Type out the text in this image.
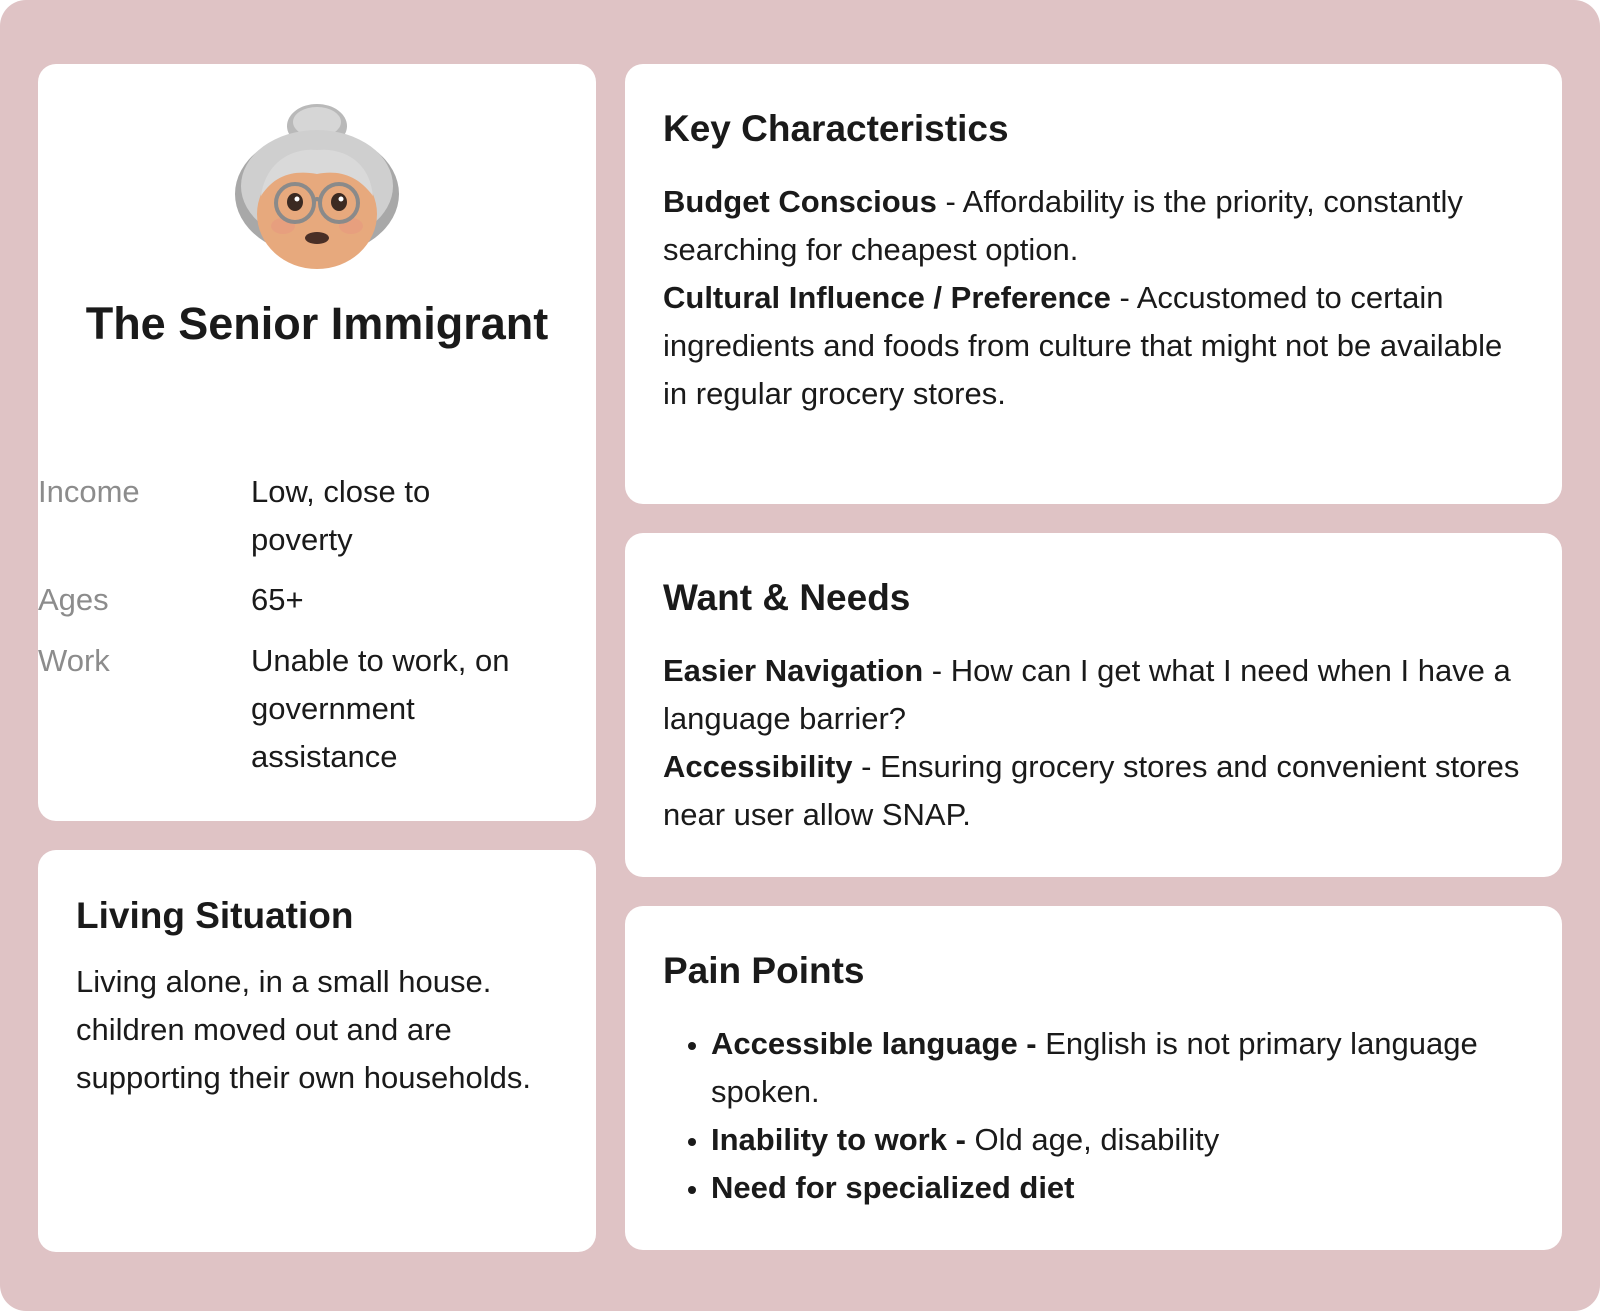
The Senior Immigrant
Income	Low, close to poverty
Ages	65+
Work	Unable to work, on government assistance
Living Situation
Living alone, in a small house. children moved out and are supporting their own households.
Key Characteristics

Budget Conscious - Affordability is the priority, constantly searching for cheapest option.

Cultural Influence / Preference - Accustomed to certain ingredients and foods from culture that might not be available in regular grocery stores.

Want & Needs

Easier Navigation - How can I get what I need when I have a language barrier?

Accessibility - Ensuring grocery stores and convenient stores near user allow SNAP.

Pain Points
• Accessible language - English is not primary language spoken.
• Inability to work - Old age, disability
• Need for specialized diet
